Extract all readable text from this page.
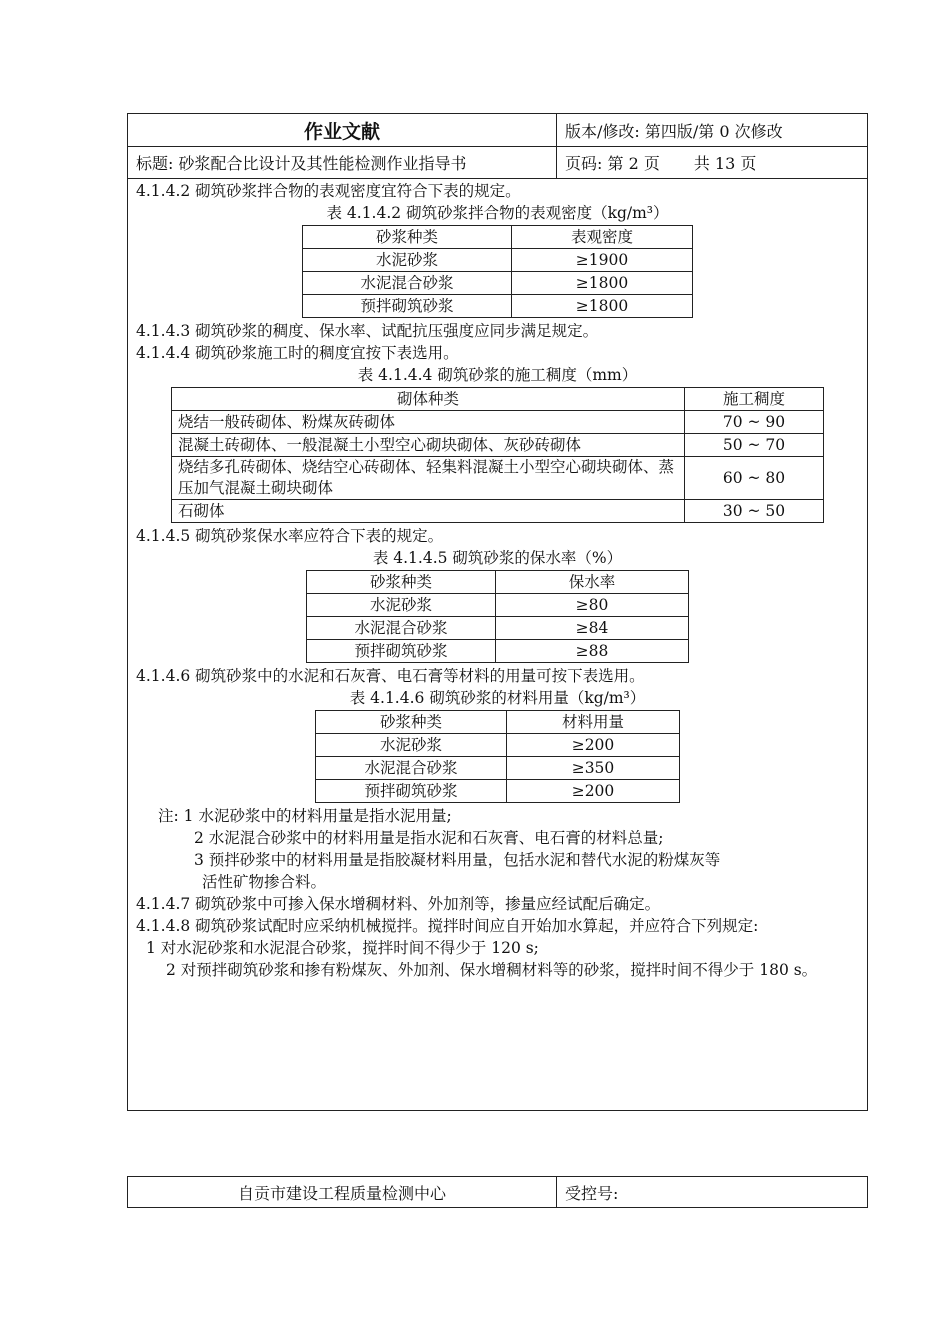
作业文献	版本/修改: 第四版/第 0 次修改
标题: 砂浆配合比设计及其性能检测作业指导书	页码: 第 2 页 共 13 页

4.1.4.2 砌筑砂浆拌合物的表观密度宜符合下表的规定。

表 4.1.4.2 砌筑砂浆拌合物的表观密度（kg/m³）

砂浆种类	表观密度
水泥砂浆	≥1900
水泥混合砂浆	≥1800
预拌砌筑砂浆	≥1800

4.1.4.3 砌筑砂浆的稠度、保水率、试配抗压强度应同步满足规定。

4.1.4.4 砌筑砂浆施工时的稠度宜按下表选用。

表 4.1.4.4 砌筑砂浆的施工稠度（mm）

砌体种类	施工稠度
烧结一般砖砌体、粉煤灰砖砌体	70 ~ 90
混凝土砖砌体、一般混凝土小型空心砌块砌体、灰砂砖砌体	50 ~ 70
烧结多孔砖砌体、烧结空心砖砌体、轻集料混凝土小型空心砌块砌体、蒸压加气混凝土砌块砌体	60 ~ 80
石砌体	30 ~ 50

4.1.4.5 砌筑砂浆保水率应符合下表的规定。

表 4.1.4.5 砌筑砂浆的保水率（%）

砂浆种类	保水率
水泥砂浆	≥80
水泥混合砂浆	≥84
预拌砌筑砂浆	≥88

4.1.4.6 砌筑砂浆中的水泥和石灰膏、电石膏等材料的用量可按下表选用。

表 4.1.4.6 砌筑砂浆的材料用量（kg/m³）

砂浆种类	材料用量
水泥砂浆	≥200
水泥混合砂浆	≥350
预拌砌筑砂浆	≥200

注: 1 水泥砂浆中的材料用量是指水泥用量;

2 水泥混合砂浆中的材料用量是指水泥和石灰膏、电石膏的材料总量;

3 预拌砂浆中的材料用量是指胶凝材料用量，包括水泥和替代水泥的粉煤灰等

活性矿物掺合料。

4.1.4.7 砌筑砂浆中可掺入保水增稠材料、外加剂等，掺量应经试配后确定。

4.1.4.8 砌筑砂浆试配时应采纳机械搅拌。搅拌时间应自开始加水算起，并应符合下列规定:

1 对水泥砂浆和水泥混合砂浆，搅拌时间不得少于 120 s;

2 对预拌砌筑砂浆和掺有粉煤灰、外加剂、保水增稠材料等的砂浆，搅拌时间不得少于 180 s。

自贡市建设工程质量检测中心	受控号:
